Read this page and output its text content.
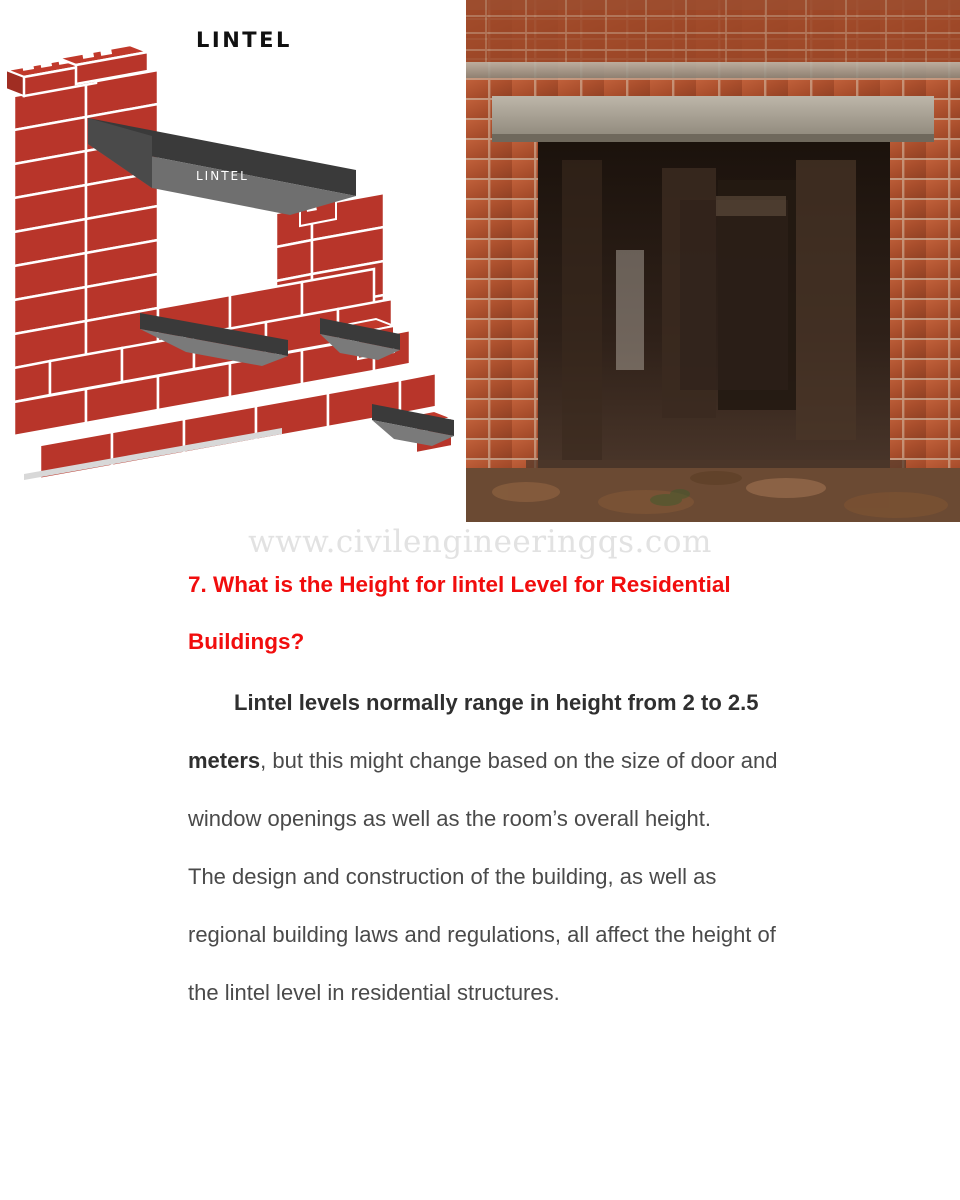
LINTEL
LINTEL
www.civilengineeringqs.com

7. What is the Height for lintel Level for Residential Buildings?

Lintel levels normally range in height from 2 to 2.5 meters, but this might change based on the size of door and window openings as well as the room’s overall height.

The design and construction of the building, as well as regional building laws and regulations, all affect the height of the lintel level in residential structures.
